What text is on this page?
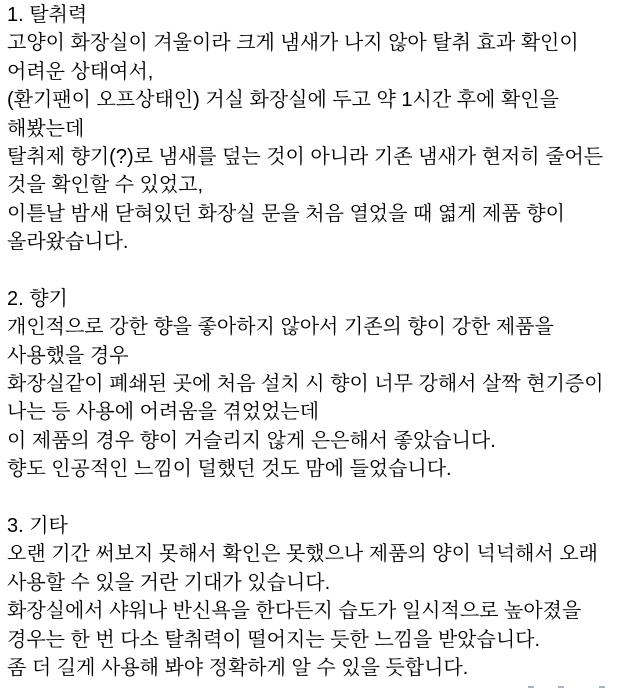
1. 탈취력
고양이 화장실이 겨울이라 크게 냄새가 나지 않아 탈취 효과 확인이
어려운 상태여서,
(환기팬이 오프상태인) 거실 화장실에 두고 약 1시간 후에 확인을
해봤는데
탈취제 향기(?)로 냄새를 덮는 것이 아니라 기존 냄새가 현저히 줄어든
것을 확인할 수 있었고,
이튿날 밤새 닫혀있던 화장실 문을 처음 열었을 때 엷게 제품 향이
올라왔습니다.
2. 향기
개인적으로 강한 향을 좋아하지 않아서 기존의 향이 강한 제품을
사용했을 경우
화장실같이 폐쇄된 곳에 처음 설치 시 향이 너무 강해서 살짝 현기증이
나는 등 사용에 어려움을 겪었었는데
이 제품의 경우 향이 거슬리지 않게 은은해서 좋았습니다.
향도 인공적인 느낌이 덜했던 것도 맘에 들었습니다.
3. 기타
오랜 기간 써보지 못해서 확인은 못했으나 제품의 양이 넉넉해서 오래
사용할 수 있을 거란 기대가 있습니다.
화장실에서 샤워나 반신욕을 한다든지 습도가 일시적으로 높아졌을
경우는 한 번 다소 탈취력이 떨어지는 듯한 느낌을 받았습니다.
좀 더 길게 사용해 봐야 정확하게 알 수 있을 듯합니다.
